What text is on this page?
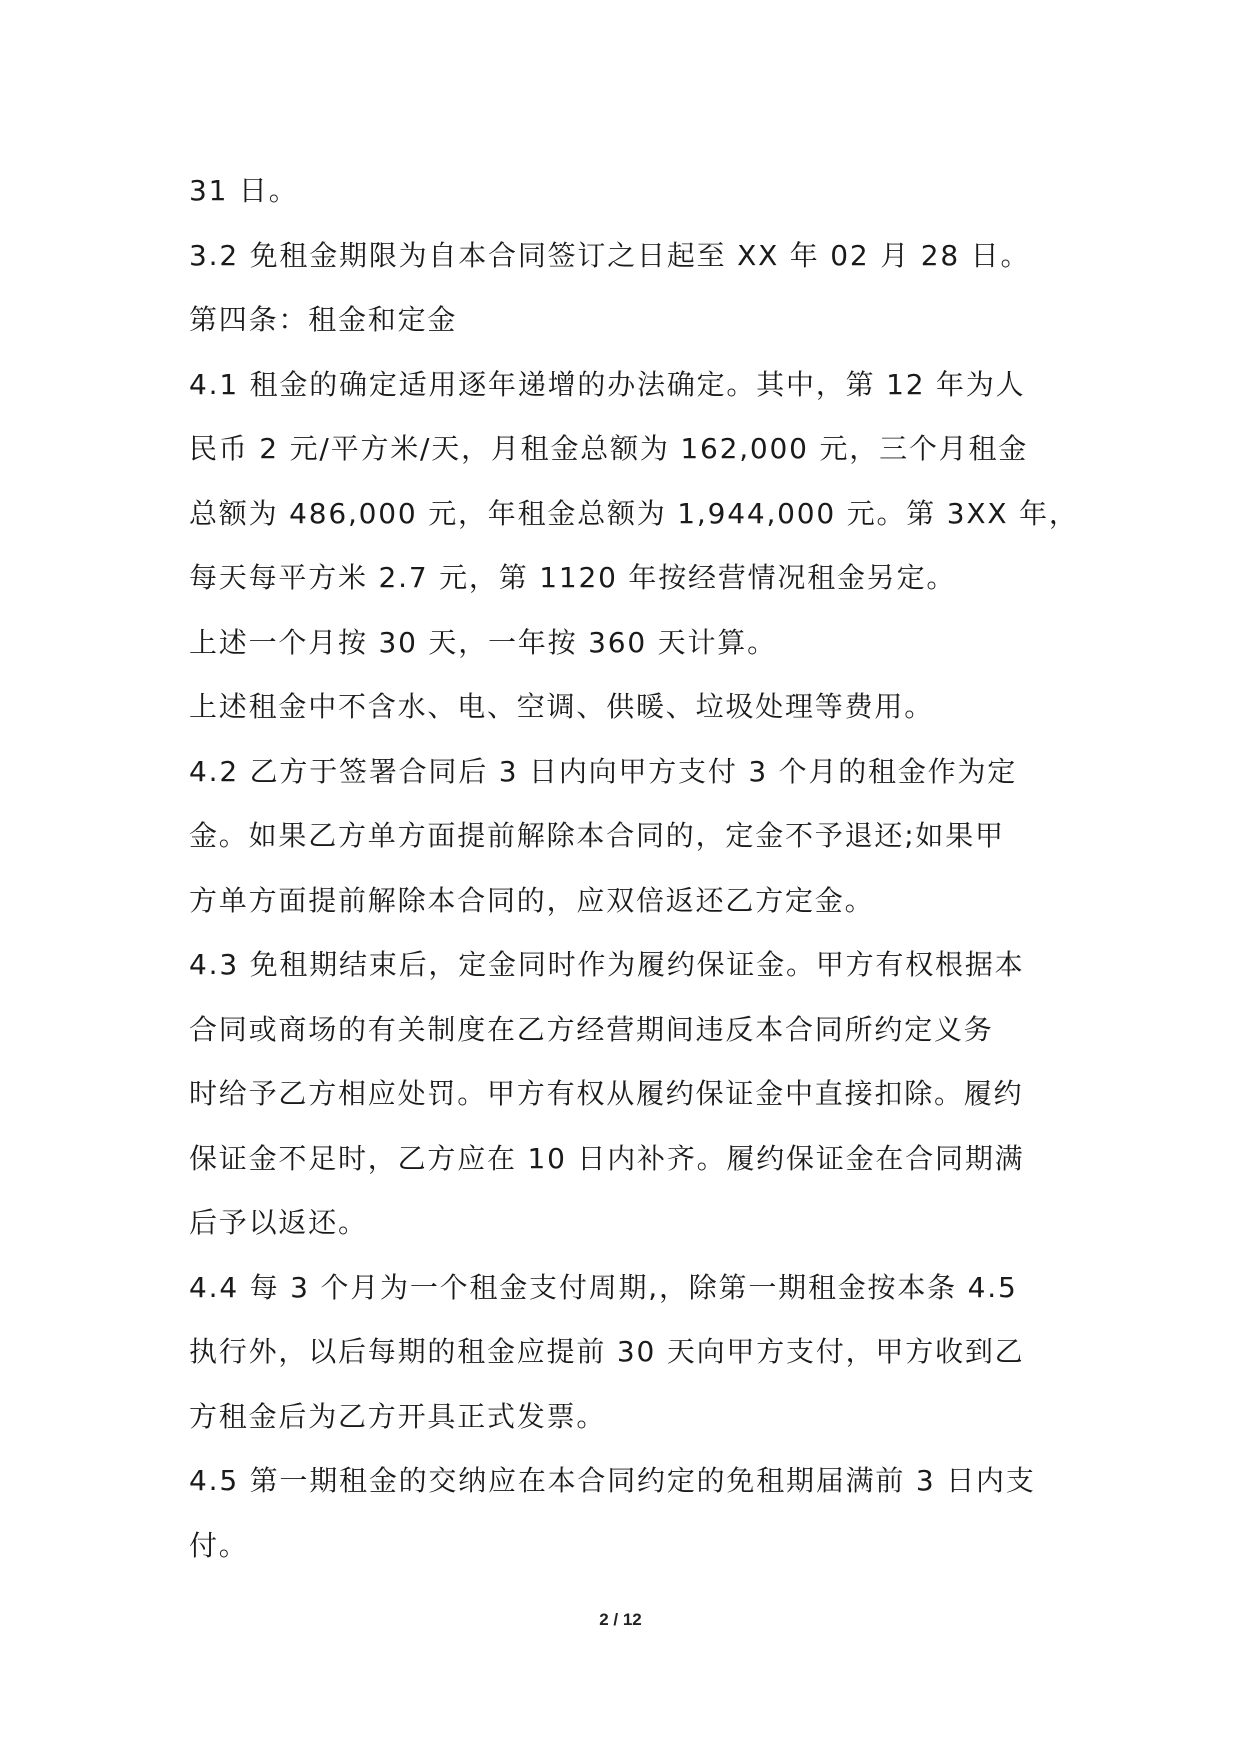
31 日。

3.2 免租金期限为自本合同签订之日起至 XX 年 02 月 28 日。

第四条：租金和定金

4.1 租金的确定适用逐年递增的办法确定。其中，第 12 年为人

民币 2 元/平方米/天，月租金总额为 162,000 元，三个月租金

总额为 486,000 元，年租金总额为 1,944,000 元。第 3XX 年，

每天每平方米 2.7 元，第 1120 年按经营情况租金另定。

上述一个月按 30 天，一年按 360 天计算。

上述租金中不含水、电、空调、供暖、垃圾处理等费用。

4.2 乙方于签署合同后 3 日内向甲方支付 3 个月的租金作为定

金。如果乙方单方面提前解除本合同的，定金不予退还;如果甲

方单方面提前解除本合同的，应双倍返还乙方定金。

4.3 免租期结束后，定金同时作为履约保证金。甲方有权根据本

合同或商场的有关制度在乙方经营期间违反本合同所约定义务

时给予乙方相应处罚。甲方有权从履约保证金中直接扣除。履约

保证金不足时，乙方应在 10 日内补齐。履约保证金在合同期满

后予以返还。

4.4 每 3 个月为一个租金支付周期,，除第一期租金按本条 4.5

执行外，以后每期的租金应提前 30 天向甲方支付，甲方收到乙

方租金后为乙方开具正式发票。

4.5 第一期租金的交纳应在本合同约定的免租期届满前 3 日内支

付。

2 / 12
